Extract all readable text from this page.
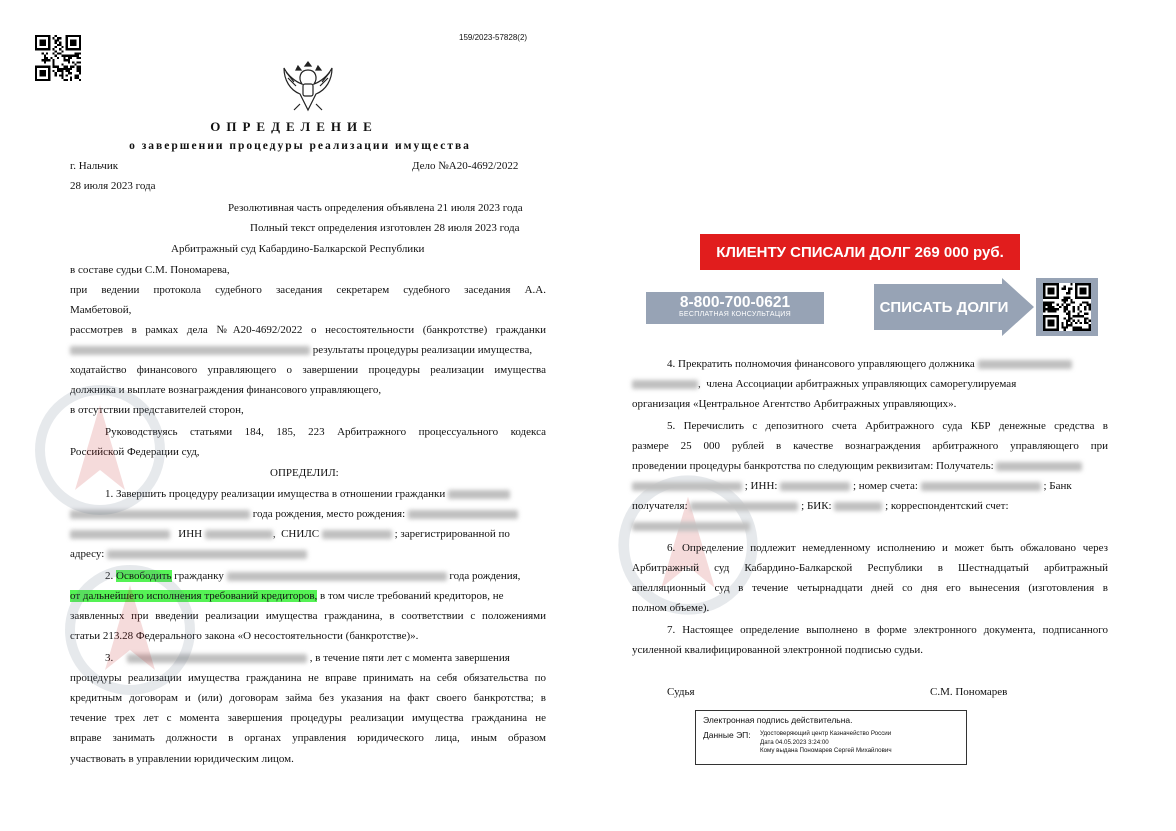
159/2023-57828(2)
ОПРЕДЕЛЕНИЕ
о завершении процедуры реализации имущества
г. Нальчик	Дело №А20-4692/2022
28 июля 2023 года
Резолютивная часть определения объявлена 21 июля 2023 года
Полный текст определения изготовлен 28 июля 2023 года
Арбитражный суд Кабардино-Балкарской Республики
в составе судьи С.М. Пономарева,
при ведении протокола судебного заседания секретарем судебного заседания А.А.
Мамбетовой,
рассмотрев в рамках дела №А20-4692/2022 о несостоятельности (банкротстве) гражданки
результаты процедуры реализации имущества,
ходатайство финансового управляющего о завершении процедуры реализации имущества
должника и выплате вознаграждения финансового управляющего,
в отсутствии представителей сторон,
Руководствуясь статьями 184, 185, 223 Арбитражного процессуального кодекса
Российской Федерации суд,
ОПРЕДЕЛИЛ:
1. Завершить процедуру реализации имущества в отношении гражданки
года рождения, место рождения:
ИНН	,  СНИЛС	; зарегистрированной по
адресу:
2. Освободить гражданку	года рождения,
от дальнейшего исполнения требований кредиторов, в том числе требований кредиторов, не
заявленных при введении реализации имущества гражданина, в соответствии с положениями
статьи 213.28 Федерального закона «О несостоятельности (банкротстве)».
3.	, в течение пяти лет с момента завершения
процедуры реализации имущества гражданина не вправе принимать на себя обязательства по
кредитным договорам и (или) договорам займа без указания на факт своего банкротства; в
течение трех лет с момента завершения процедуры реализации имущества гражданина не
вправе занимать должности в органах управления юридического лица, иным образом
участвовать в управлении юридическим лицом.
КЛИЕНТУ СПИСАЛИ ДОЛГ 269 000 руб.
8-800-700-0621
БЕСПЛАТНАЯ КОНСУЛЬТАЦИЯ	СПИСАТЬ ДОЛГИ
4. Прекратить полномочия финансового управляющего должника
,  члена Ассоциации арбитражных управляющих саморегулируемая
организация «Центральное Агентство Арбитражных управляющих».
5. Перечислить с депозитного счета Арбитражного суда КБР денежные средства в
размере 25 000 рублей в качестве вознаграждения арбитражного управляющего при
проведении процедуры банкротства по следующим реквизитам: Получатель:
; ИНН:	; номер счета:	; Банк
получателя:	; БИК:	; корреспондентский счет:
6. Определение подлежит немедленному исполнению и может быть обжаловано через
Арбитражный суд Кабардино-Балкарской Республики в Шестнадцатый арбитражный
апелляционный суд в течение четырнадцати дней со дня его вынесения (изготовления в
полном объеме).
7. Настоящее определение выполнено в форме электронного документа, подписанного
усиленной квалифицированной электронной подписью судьи.
Судья	С.М. Пономарев
Электронная подпись действительна.
Данные ЭП: Удостоверяющий центр Казначейство России
Дата 04.05.2023 3:24:00
Кому выдана Пономарев Сергей Михайлович
